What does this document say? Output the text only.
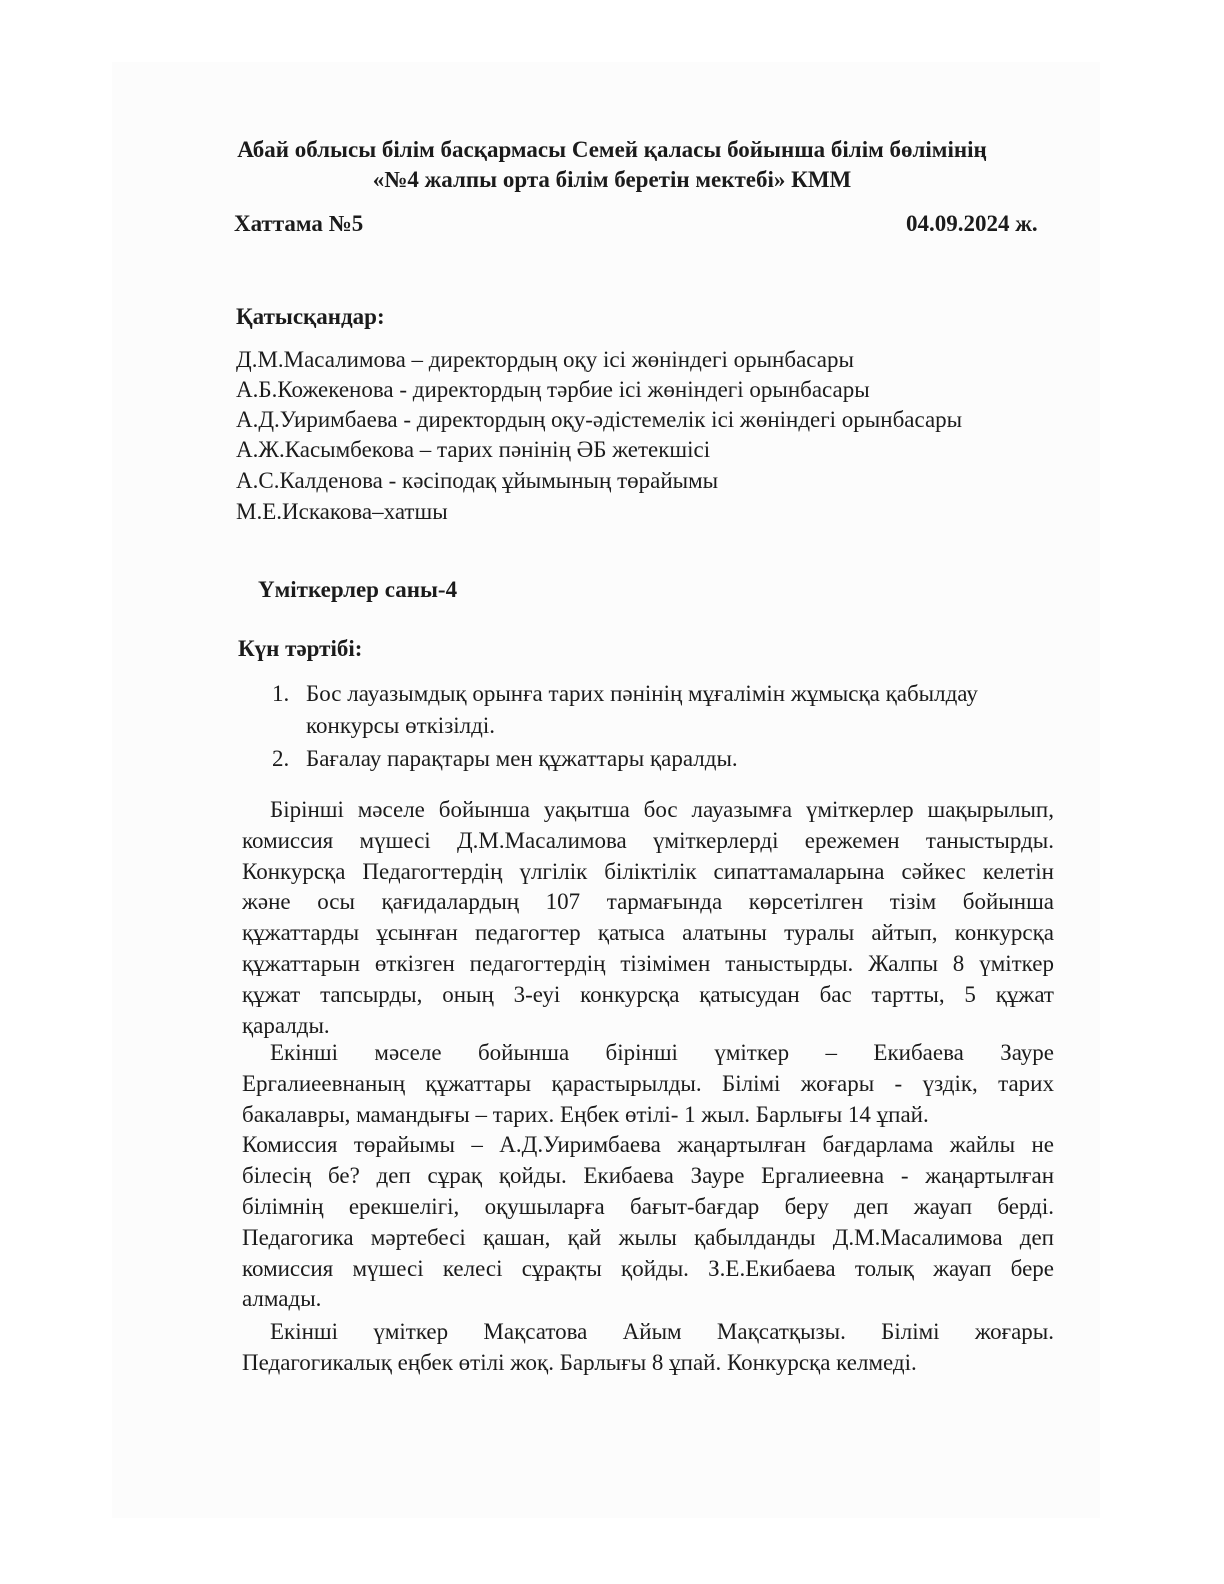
Абай облысы білім басқармасы Семей қаласы бойынша білім бөлімінің
«№4 жалпы орта білім беретін мектебі» КММ
Хаттама №5	04.09.2024 ж.
Қатысқандар:
Д.М.Масалимова – директордың оқу ісі жөніндегі орынбасары
А.Б.Кожекенова - директордың тәрбие ісі жөніндегі орынбасары
А.Д.Уиримбаева - директордың оқу-әдістемелік ісі жөніндегі орынбасары
А.Ж.Касымбекова – тарих пәнінің ӘБ жетекшісі
А.С.Калденова - кәсіподақ ұйымының төрайымы
М.Е.Искакова–хатшы
Үміткерлер саны-4
Күн тәртібі:
1. Бос лауазымдық орынға тарих пәнінің мұғалімін жұмысқа қабылдау
конкурсы өткізілді.
2. Бағалау парақтары мен құжаттары қаралды.
Бірінші мәселе бойынша уақытша бос лауазымға үміткерлер шақырылып,
комиссия мүшесі Д.М.Масалимова үміткерлерді ережемен таныстырды.
Конкурсқа Педагогтердің үлгілік біліктілік сипаттамаларына сәйкес келетін
және осы қағидалардың 107 тармағында көрсетілген тізім бойынша
құжаттарды ұсынған педагогтер қатыса алатыны туралы айтып, конкурсқа
құжаттарын өткізген педагогтердің тізімімен таныстырды. Жалпы 8 үміткер
құжат тапсырды, оның 3-еуі конкурсқа қатысудан бас тартты, 5 құжат
қаралды.
Екінші мәселе бойынша бірінші үміткер – Екибаева Зауре
Ергалиеевнаның құжаттары қарастырылды. Білімі жоғары - үздік, тарих
бакалавры, мамандығы – тарих. Еңбек өтілі- 1 жыл. Барлығы 14 ұпай.
Комиссия төрайымы – А.Д.Уиримбаева жаңартылған бағдарлама жайлы не
білесің бе? деп сұрақ қойды. Екибаева Зауре Ергалиеевна - жаңартылған
білімнің ерекшелігі, оқушыларға бағыт-бағдар беру деп жауап берді.
Педагогика мәртебесі қашан, қай жылы қабылданды Д.М.Масалимова деп
комиссия мүшесі келесі сұрақты қойды. З.Е.Екибаева толық жауап бере
алмады.
Екінші үміткер Мақсатова Айым Мақсатқызы. Білімі жоғары.
Педагогикалық еңбек өтілі жоқ. Барлығы 8 ұпай. Конкурсқа келмеді.
